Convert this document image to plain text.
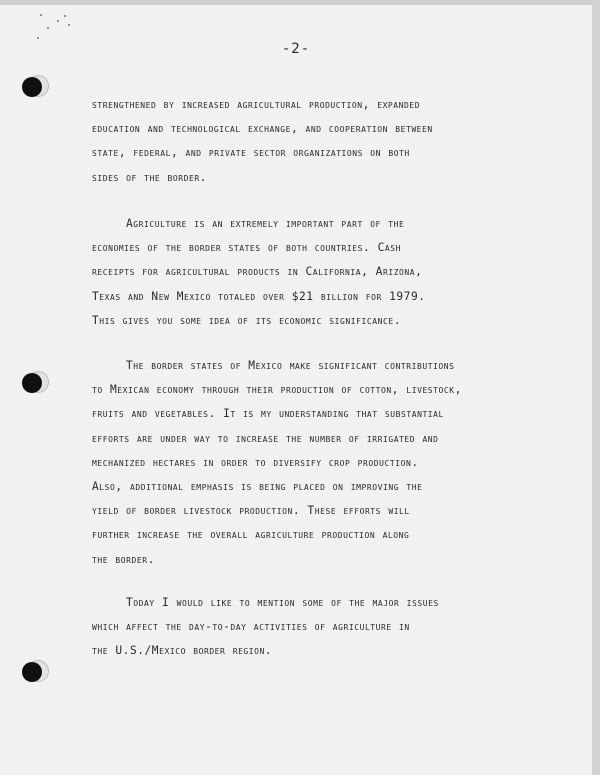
-2-

strengthened by increased agricultural production, expanded
education and technological exchange, and cooperation between
state, federal, and private sector organizations on both
sides of the border.

Agriculture is an extremely important part of the
economies of the border states of both countries. Cash
receipts for agricultural products in California, Arizona,
Texas and New Mexico totaled over $21 billion for 1979.
This gives you some idea of its economic significance.

The border states of Mexico make significant contributions
to Mexican economy through their production of cotton, livestock,
fruits and vegetables. It is my understanding that substantial
efforts are under way to increase the number of irrigated and
mechanized hectares in order to diversify crop production.
Also, additional emphasis is being placed on improving the
yield of border livestock production. These efforts will
further increase the overall agriculture production along
the border.

Today I would like to mention some of the major issues
which affect the day-to-day activities of agriculture in
the U.S./Mexico border region.
